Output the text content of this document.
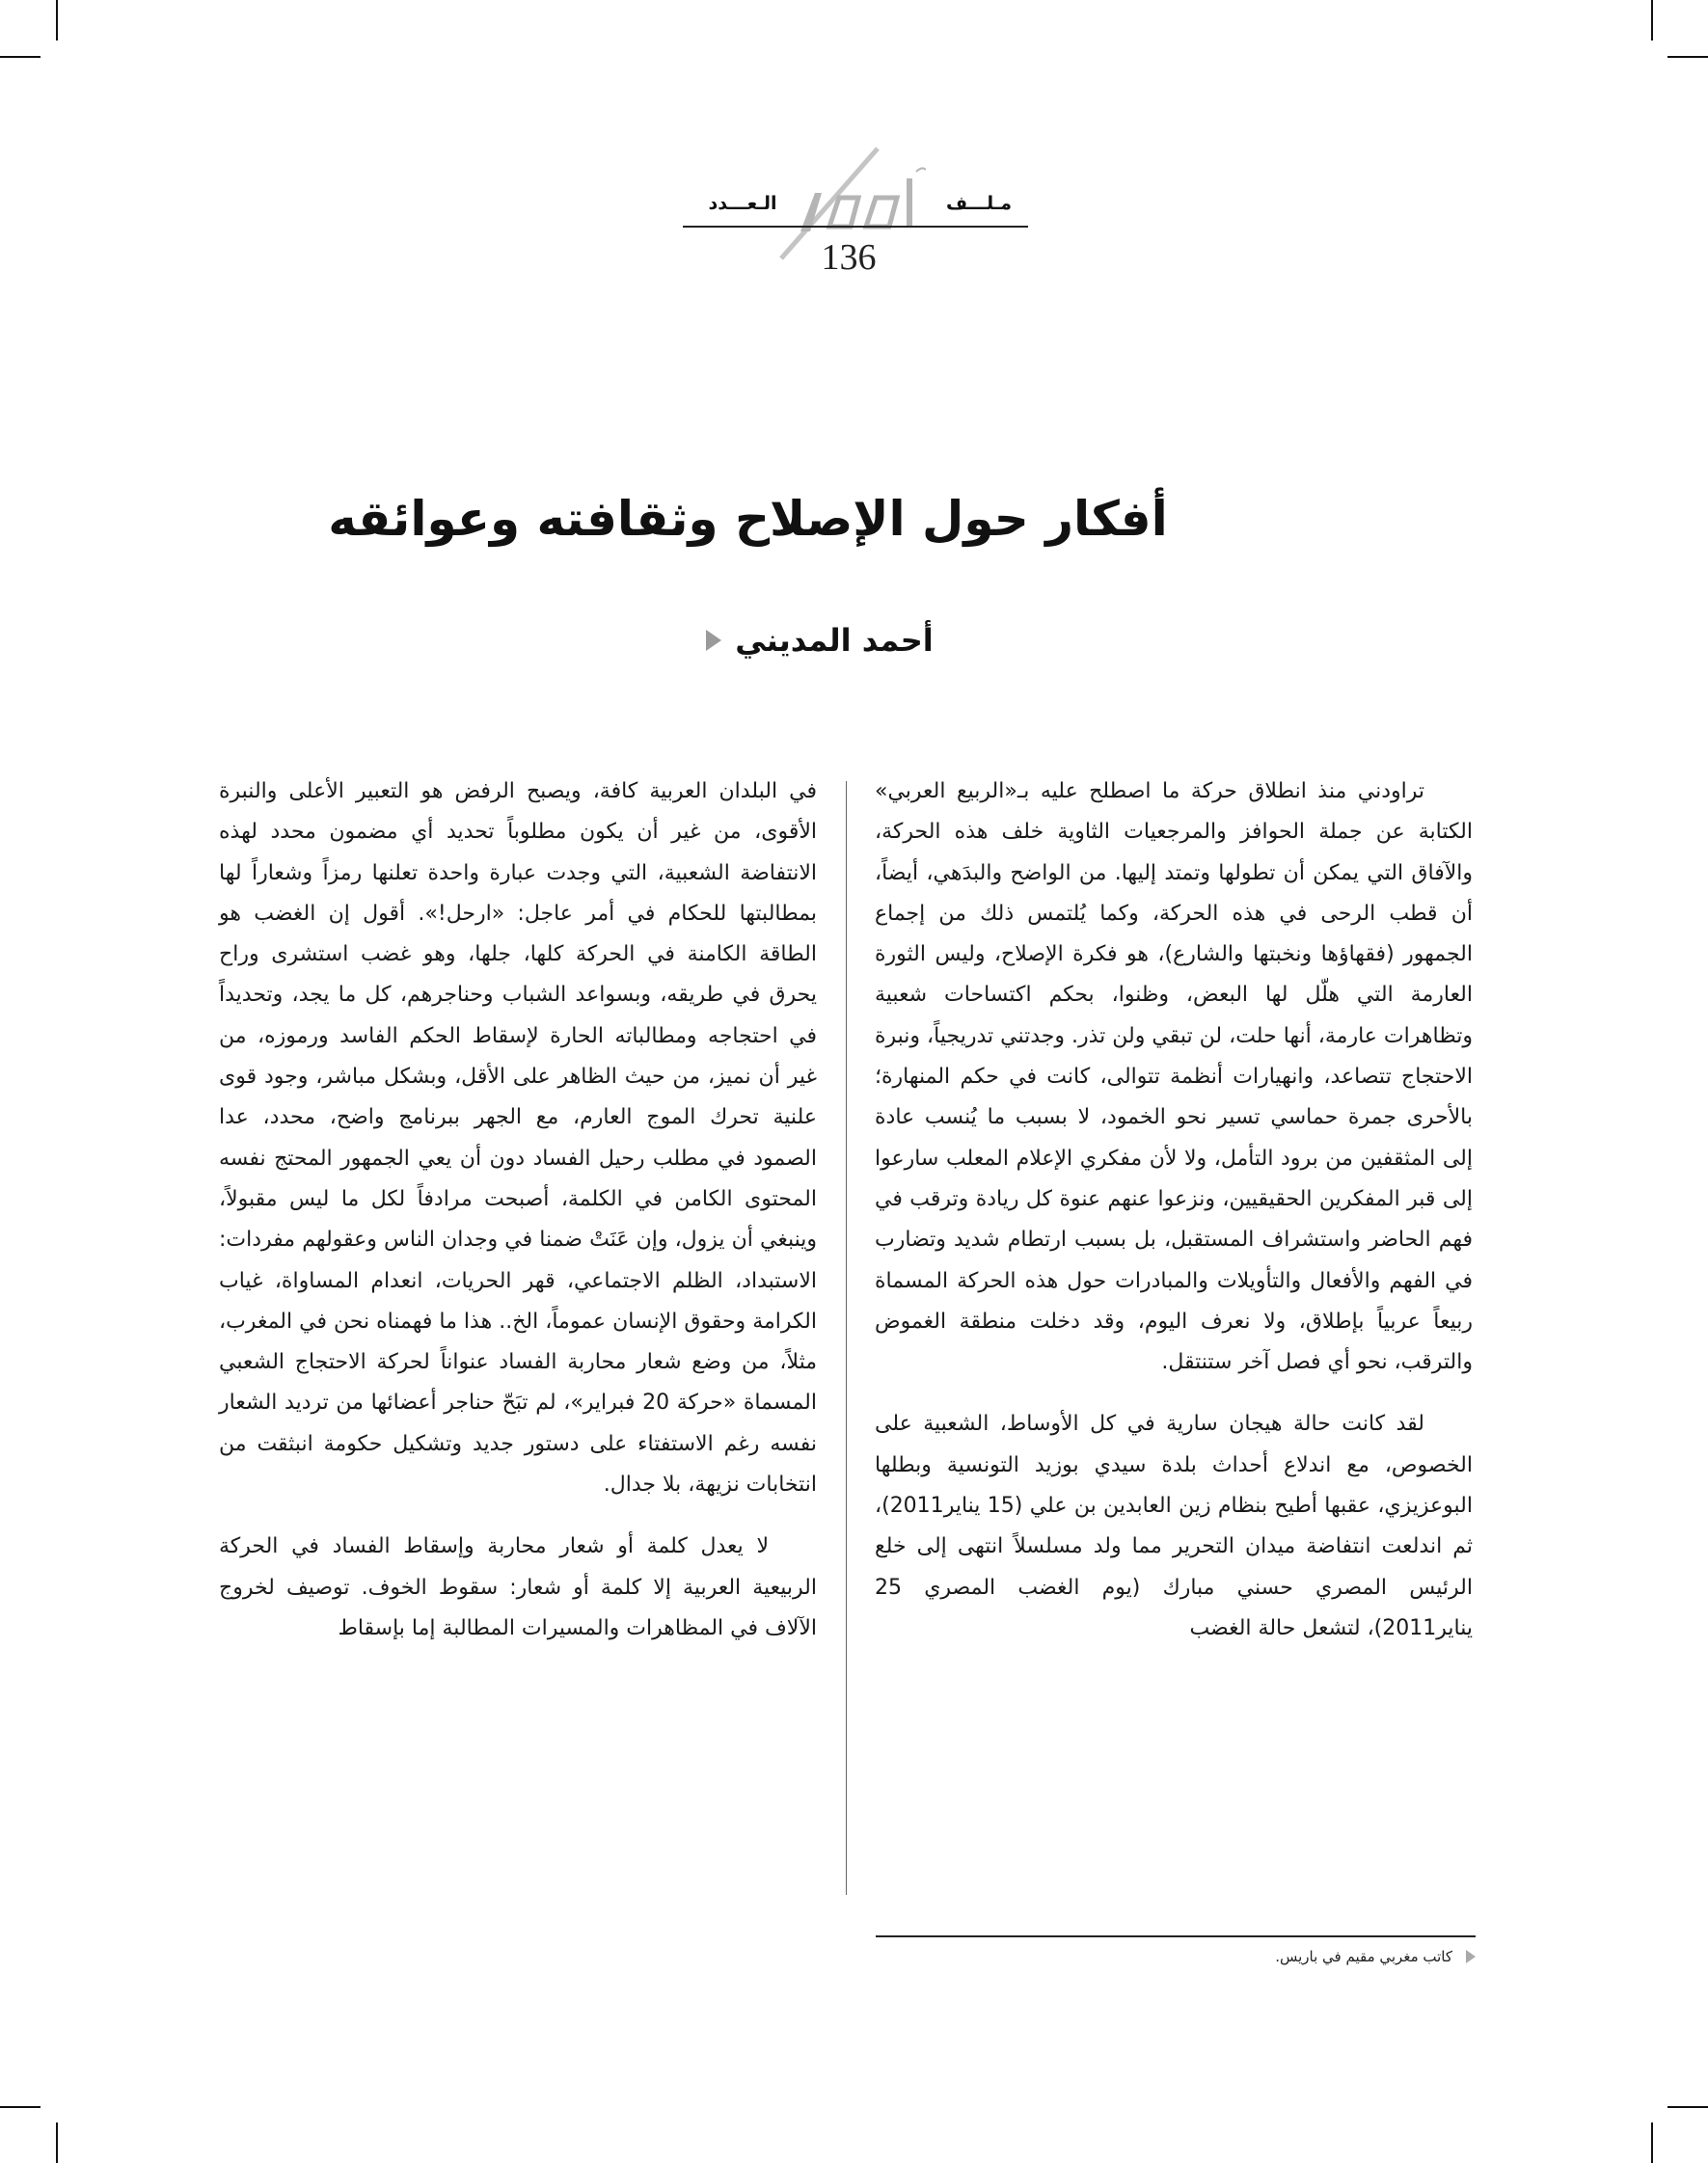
مـلـــف
الـعـــدد
136
أفكار حول الإصلاح وثقافته وعوائقه
أحمد المديني

تراودني منذ انطلاق حركة ما اصطلح عليه بـ«الربيع العربي» الكتابة عن جملة الحوافز والمرجعيات الثاوية خلف هذه الحركة، والآفاق التي يمكن أن تطولها وتمتد إليها. من الواضح والبدَهي، أيضاً، أن قطب الرحى في هذه الحركة، وكما يُلتمس ذلك من إجماع الجمهور (فقهاؤها ونخبتها والشارع)، هو فكرة الإصلاح، وليس الثورة العارمة التي هلّل لها البعض، وظنوا، بحكم اكتساحات شعبية وتظاهرات عارمة، أنها حلت، لن تبقي ولن تذر. وجدتني تدريجياً، ونبرة الاحتجاج تتصاعد، وانهيارات أنظمة تتوالى، كانت في حكم المنهارة؛ بالأحرى جمرة حماسي تسير نحو الخمود، لا بسبب ما يُنسب عادة إلى المثقفين من برود التأمل، ولا لأن مفكري الإعلام المعلب سارعوا إلى قبر المفكرين الحقيقيين، ونزعوا عنهم عنوة كل ريادة وترقب في فهم الحاضر واستشراف المستقبل، بل بسبب ارتطام شديد وتضارب في الفهم والأفعال والتأويلات والمبادرات حول هذه الحركة المسماة ربيعاً عربياً بإطلاق، ولا نعرف اليوم، وقد دخلت منطقة الغموض والترقب، نحو أي فصل آخر ستنتقل.

لقد كانت حالة هيجان سارية في كل الأوساط، الشعبية على الخصوص، مع اندلاع أحداث بلدة سيدي بوزيد التونسية وبطلها البوعزيزي، عقبها أطيح بنظام زين العابدين بن علي (15 يناير2011)، ثم اندلعت انتفاضة ميدان التحرير مما ولد مسلسلاً انتهى إلى خلع الرئيس المصري حسني مبارك (يوم الغضب المصري 25 يناير2011)، لتشعل حالة الغضب

في البلدان العربية كافة، ويصبح الرفض هو التعبير الأعلى والنبرة الأقوى، من غير أن يكون مطلوباً تحديد أي مضمون محدد لهذه الانتفاضة الشعبية، التي وجدت عبارة واحدة تعلنها رمزاً وشعاراً لها بمطالبتها للحكام في أمر عاجل: «ارحل!». أقول إن الغضب هو الطاقة الكامنة في الحركة كلها، جلها، وهو غضب استشرى وراح يحرق في طريقه، وبسواعد الشباب وحناجرهم، كل ما يجد، وتحديداً في احتجاجه ومطالباته الحارة لإسقاط الحكم الفاسد ورموزه، من غير أن نميز، من حيث الظاهر على الأقل، وبشكل مباشر، وجود قوى علنية تحرك الموج العارم، مع الجهر ببرنامج واضح، محدد، عدا الصمود في مطلب رحيل الفساد دون أن يعي الجمهور المحتج نفسه المحتوى الكامن في الكلمة، أصبحت مرادفاً لكل ما ليس مقبولاً، وينبغي أن يزول، وإن عَنَتْ ضمنا في وجدان الناس وعقولهم مفردات: الاستبداد، الظلم الاجتماعي، قهر الحريات، انعدام المساواة، غياب الكرامة وحقوق الإنسان عموماً، الخ.. هذا ما فهمناه نحن في المغرب، مثلاً، من وضع شعار محاربة الفساد عنواناً لحركة الاحتجاج الشعبي المسماة «حركة 20 فبراير»، لم تبَحّ حناجر أعضائها من ترديد الشعار نفسه رغم الاستفتاء على دستور جديد وتشكيل حكومة انبثقت من انتخابات نزيهة، بلا جدال.

لا يعدل كلمة أو شعار محاربة وإسقاط الفساد في الحركة الربيعية العربية إلا كلمة أو شعار: سقوط الخوف. توصيف لخروج الآلاف في المظاهرات والمسيرات المطالبة إما بإسقاط

كاتب مغربي مقيم في باريس.
